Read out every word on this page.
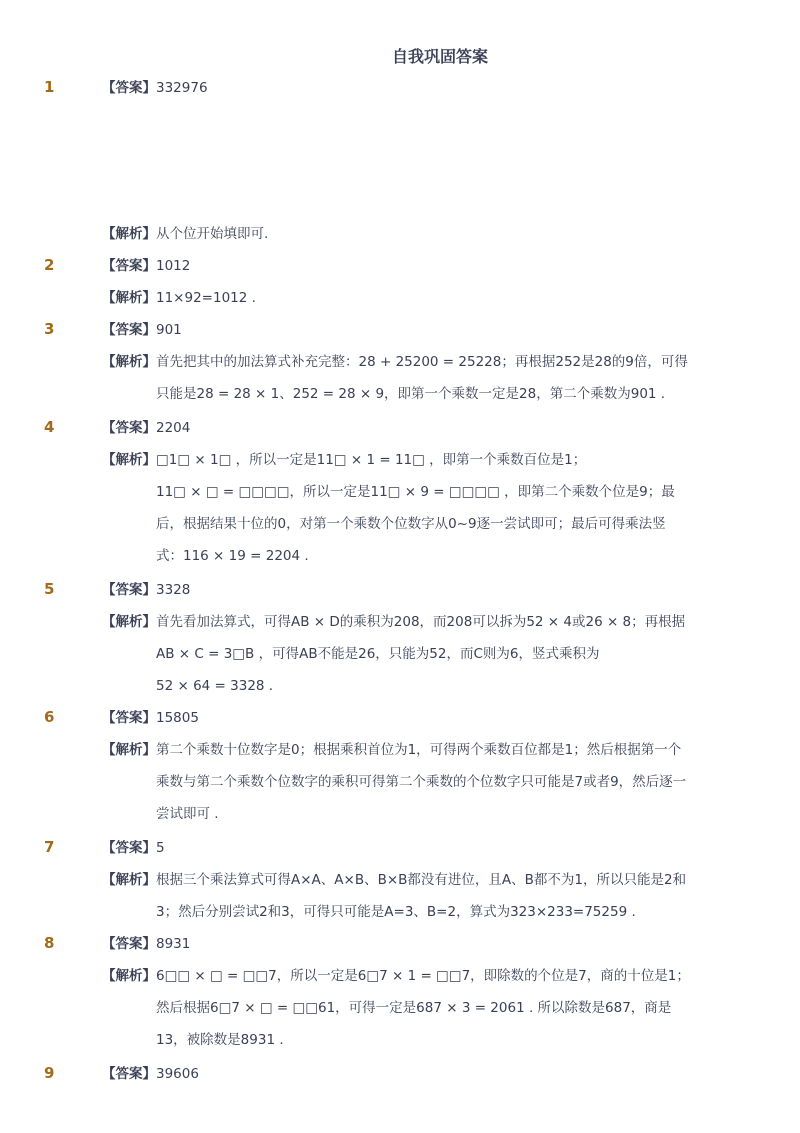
自我巩固答案
1	【答案】332976
【解析】从个位开始填即可.
2	【答案】1012
【解析】11×92=1012 .
3	【答案】901
【解析】首先把其中的加法算式补充完整：28 + 25200 = 25228；再根据252是28的9倍，可得
只能是28 = 28 × 1、252 = 28 × 9，即第一个乘数一定是28，第二个乘数为901 .
4	【答案】2204
【解析】□1□ × 1□ ，所以一定是11□ × 1 = 11□ ，即第一个乘数百位是1；
11□ × □ = □□□□，所以一定是11□ × 9 = □□□□ ，即第二个乘数个位是9；最
后，根据结果十位的0，对第一个乘数个位数字从0~9逐一尝试即可；最后可得乘法竖
式：116 × 19 = 2204 .
5	【答案】3328
【解析】首先看加法算式，可得AB × D的乘积为208，而208可以拆为52 × 4或26 × 8；再根据
AB × C = 3□B ，可得AB不能是26，只能为52，而C则为6，竖式乘积为
52 × 64 = 3328 .
6	【答案】15805
【解析】第二个乘数十位数字是0；根据乘积首位为1，可得两个乘数百位都是1；然后根据第一个
乘数与第二个乘数个位数字的乘积可得第二个乘数的个位数字只可能是7或者9，然后逐一
尝试即可 .
7	【答案】5
【解析】根据三个乘法算式可得A×A、A×B、B×B都没有进位，且A、B都不为1，所以只能是2和
3；然后分别尝试2和3，可得只可能是A=3、B=2，算式为323×233=75259 .
8	【答案】8931
【解析】6□□ × □ = □□7，所以一定是6□7 × 1 = □□7，即除数的个位是7，商的十位是1；
然后根据6□7 × □ = □□61，可得一定是687 × 3 = 2061 . 所以除数是687，商是
13，被除数是8931 .
9	【答案】39606
